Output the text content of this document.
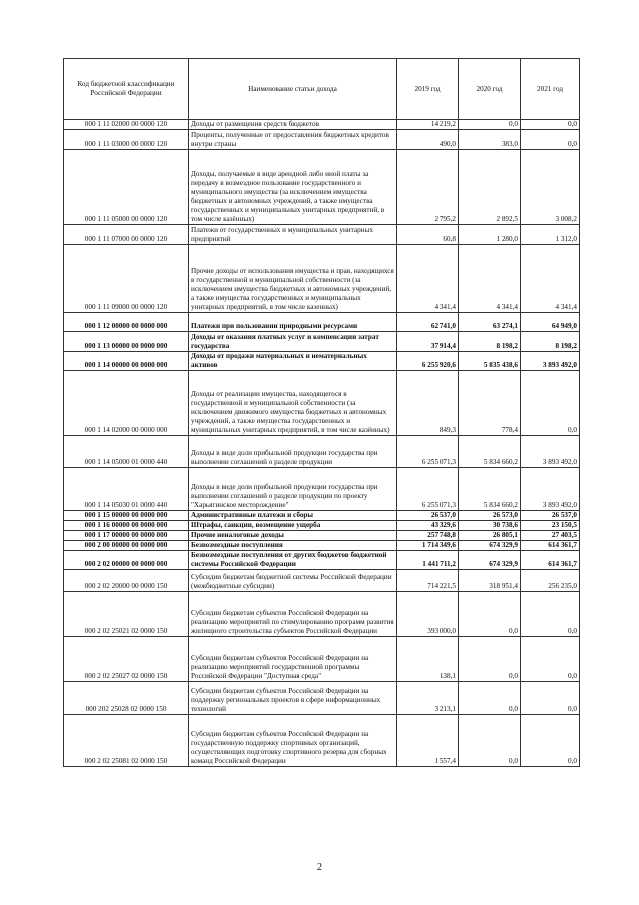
Код бюджетной классификации Российской Федерации	Наименование статьи дохода	2019 год	2020 год	2021 год
000 1 11 02000 00 0000 120	Доходы от размещения средств бюджетов	14 219,2	0,0	0,0
000 1 11 03000 00 0000 120	Проценты, полученные от предоставления бюджетных кредитов внутри страны	490,0	383,0	0,0
000 1 11 05000 00 0000 120	Доходы, получаемые в виде арендной либо иной платы за передачу в возмездное пользование государственного и муниципального имущества (за исключением имущества бюджетных и автономных учреждений, а также имущества государственных и муниципальных унитарных предприятий, в том числе казённых)	2 795,2	2 892,5	3 008,2
000 1 11 07000 00 0000 120	Платежи от государственных и муниципальных унитарных предприятий	60,8	1 280,0	1 312,0
000 1 11 09000 00 0000 120	Прочие доходы от использования имущества и прав, находящихся в государственной и муниципальной собственности (за исключением имущества бюджетных и автономных учреждений, а также имущества государственных и муниципальных унитарных предприятий, в том числе казенных)	4 341,4	4 341,4	4 341,4
000 1 12 00000 00 0000 000	Платежи при пользовании природными ресурсами	62 741,0	63 274,1	64 949,0
000 1 13 00000 00 0000 000	Доходы от оказания платных услуг и компенсации затрат государства	37 914,4	8 198,2	8 198,2
000 1 14 00000 00 0000 000	Доходы от продажи материальных и нематериальных активов	6 255 920,6	5 835 438,6	3 893 492,0
000 1 14 02000 00 0000 000	Доходы от реализации имущества, находящегося в государственной и муниципальной собственности (за исключением движимого имущества бюджетных и автономных учреждений, а также имущества государственных и муниципальных унитарных предприятий, в том числе казённых)	849,3	778,4	0,0
000 1 14 05000 01 0000 440	Доходы в виде доли прибыльной продукции государства при выполнении соглашений о разделе продукции	6 255 071,3	5 834 660,2	3 893 492,0
000 1 14 05030 01 0000 440	Доходы в виде доли прибыльной продукции государства при выполнении соглашений о разделе продукции по проекту "Харьягинское месторождение"	6 255 071,3	5 834 660,2	3 893 492,0
000 1 15 00000 00 0000 000	Административные платежи и сборы	26 537,0	26 573,0	26 537,0
000 1 16 00000 00 0000 000	Штрафы, санкции, возмещение ущерба	43 329,6	30 738,6	23 150,5
000 1 17 00000 00 0000 000	Прочие неналоговые доходы	257 748,8	26 805,1	27 403,5
000 2 00 00000 00 0000 000	Безвозмездные поступления	1 714 349,6	674 329,9	614 361,7
000 2 02 00000 00 0000 000	Безвозмездные поступления от других бюджетов бюджетной системы Российской Федерации	1 441 711,2	674 329,9	614 361,7
000 2 02 20000 00 0000 150	Субсидии бюджетам бюджетной системы Российской Федерации (межбюджетные субсидии)	714 221,5	318 951,4	256 235,0
000 2 02 25021 02 0000 150	Субсидии бюджетам субъектов Российской Федерации на реализацию мероприятий по стимулированию программ развития жилищного строительства субъектов Российской Федерации	393 000,0	0,0	0,0
000 2 02 25027 02 0000 150	Субсидии бюджетам субъектов Российской Федерации на реализацию мероприятий государственной программы Российской Федерации "Доступная среда"	138,1	0,0	0,0
000 202 25028 02 0000 150	Субсидии бюджетам субъектов Российской Федерации на поддержку региональных проектов в сфере информационных технологий	3 213,1	0,0	0,0
000 2 02 25081 02 0000 150	Субсидии бюджетам субъектов Российской Федерации на государственную поддержку спортивных организаций, осуществляющих подготовку спортивного резерва для сборных команд Российской Федерации	1 557,4	0,0	0,0
2
